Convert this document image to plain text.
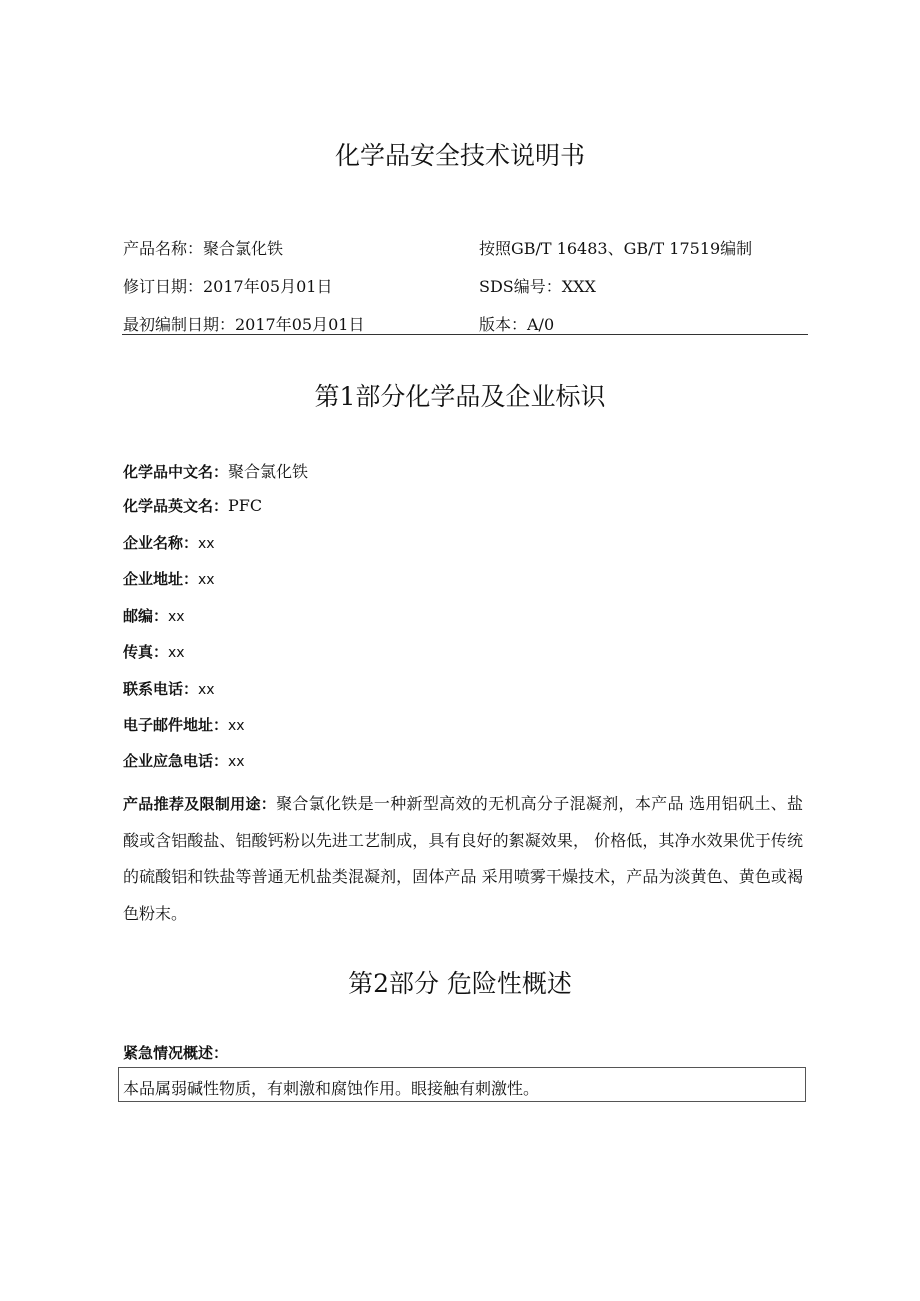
化学品安全技术说明书
产品名称：聚合氯化铁	按照GB/T 16483、GB/T 17519编制
修订日期：2017年05月01日	SDS编号：XXX
最初编制日期：2017年05月01日	版本：A/0
第1部分化学品及企业标识
化学品中文名：聚合氯化铁
化学品英文名：PFC
企业名称：xx
企业地址：xx
邮编：xx
传真：xx
联系电话：xx
电子邮件地址：xx
企业应急电话：xx
产品推荐及限制用途：聚合氯化铁是一种新型高效的无机高分子混凝剂，本产品 选用铝矾土、盐酸或含铝酸盐、铝酸钙粉以先进工艺制成，具有良好的絮凝效果， 价格低，其净水效果优于传统的硫酸铝和铁盐等普通无机盐类混凝剂，固体产品 采用喷雾干燥技术，产品为淡黄色、黄色或褐色粉末。
第2部分 危险性概述
紧急情况概述：
本品属弱碱性物质，有刺激和腐蚀作用。眼接触有刺激性。
